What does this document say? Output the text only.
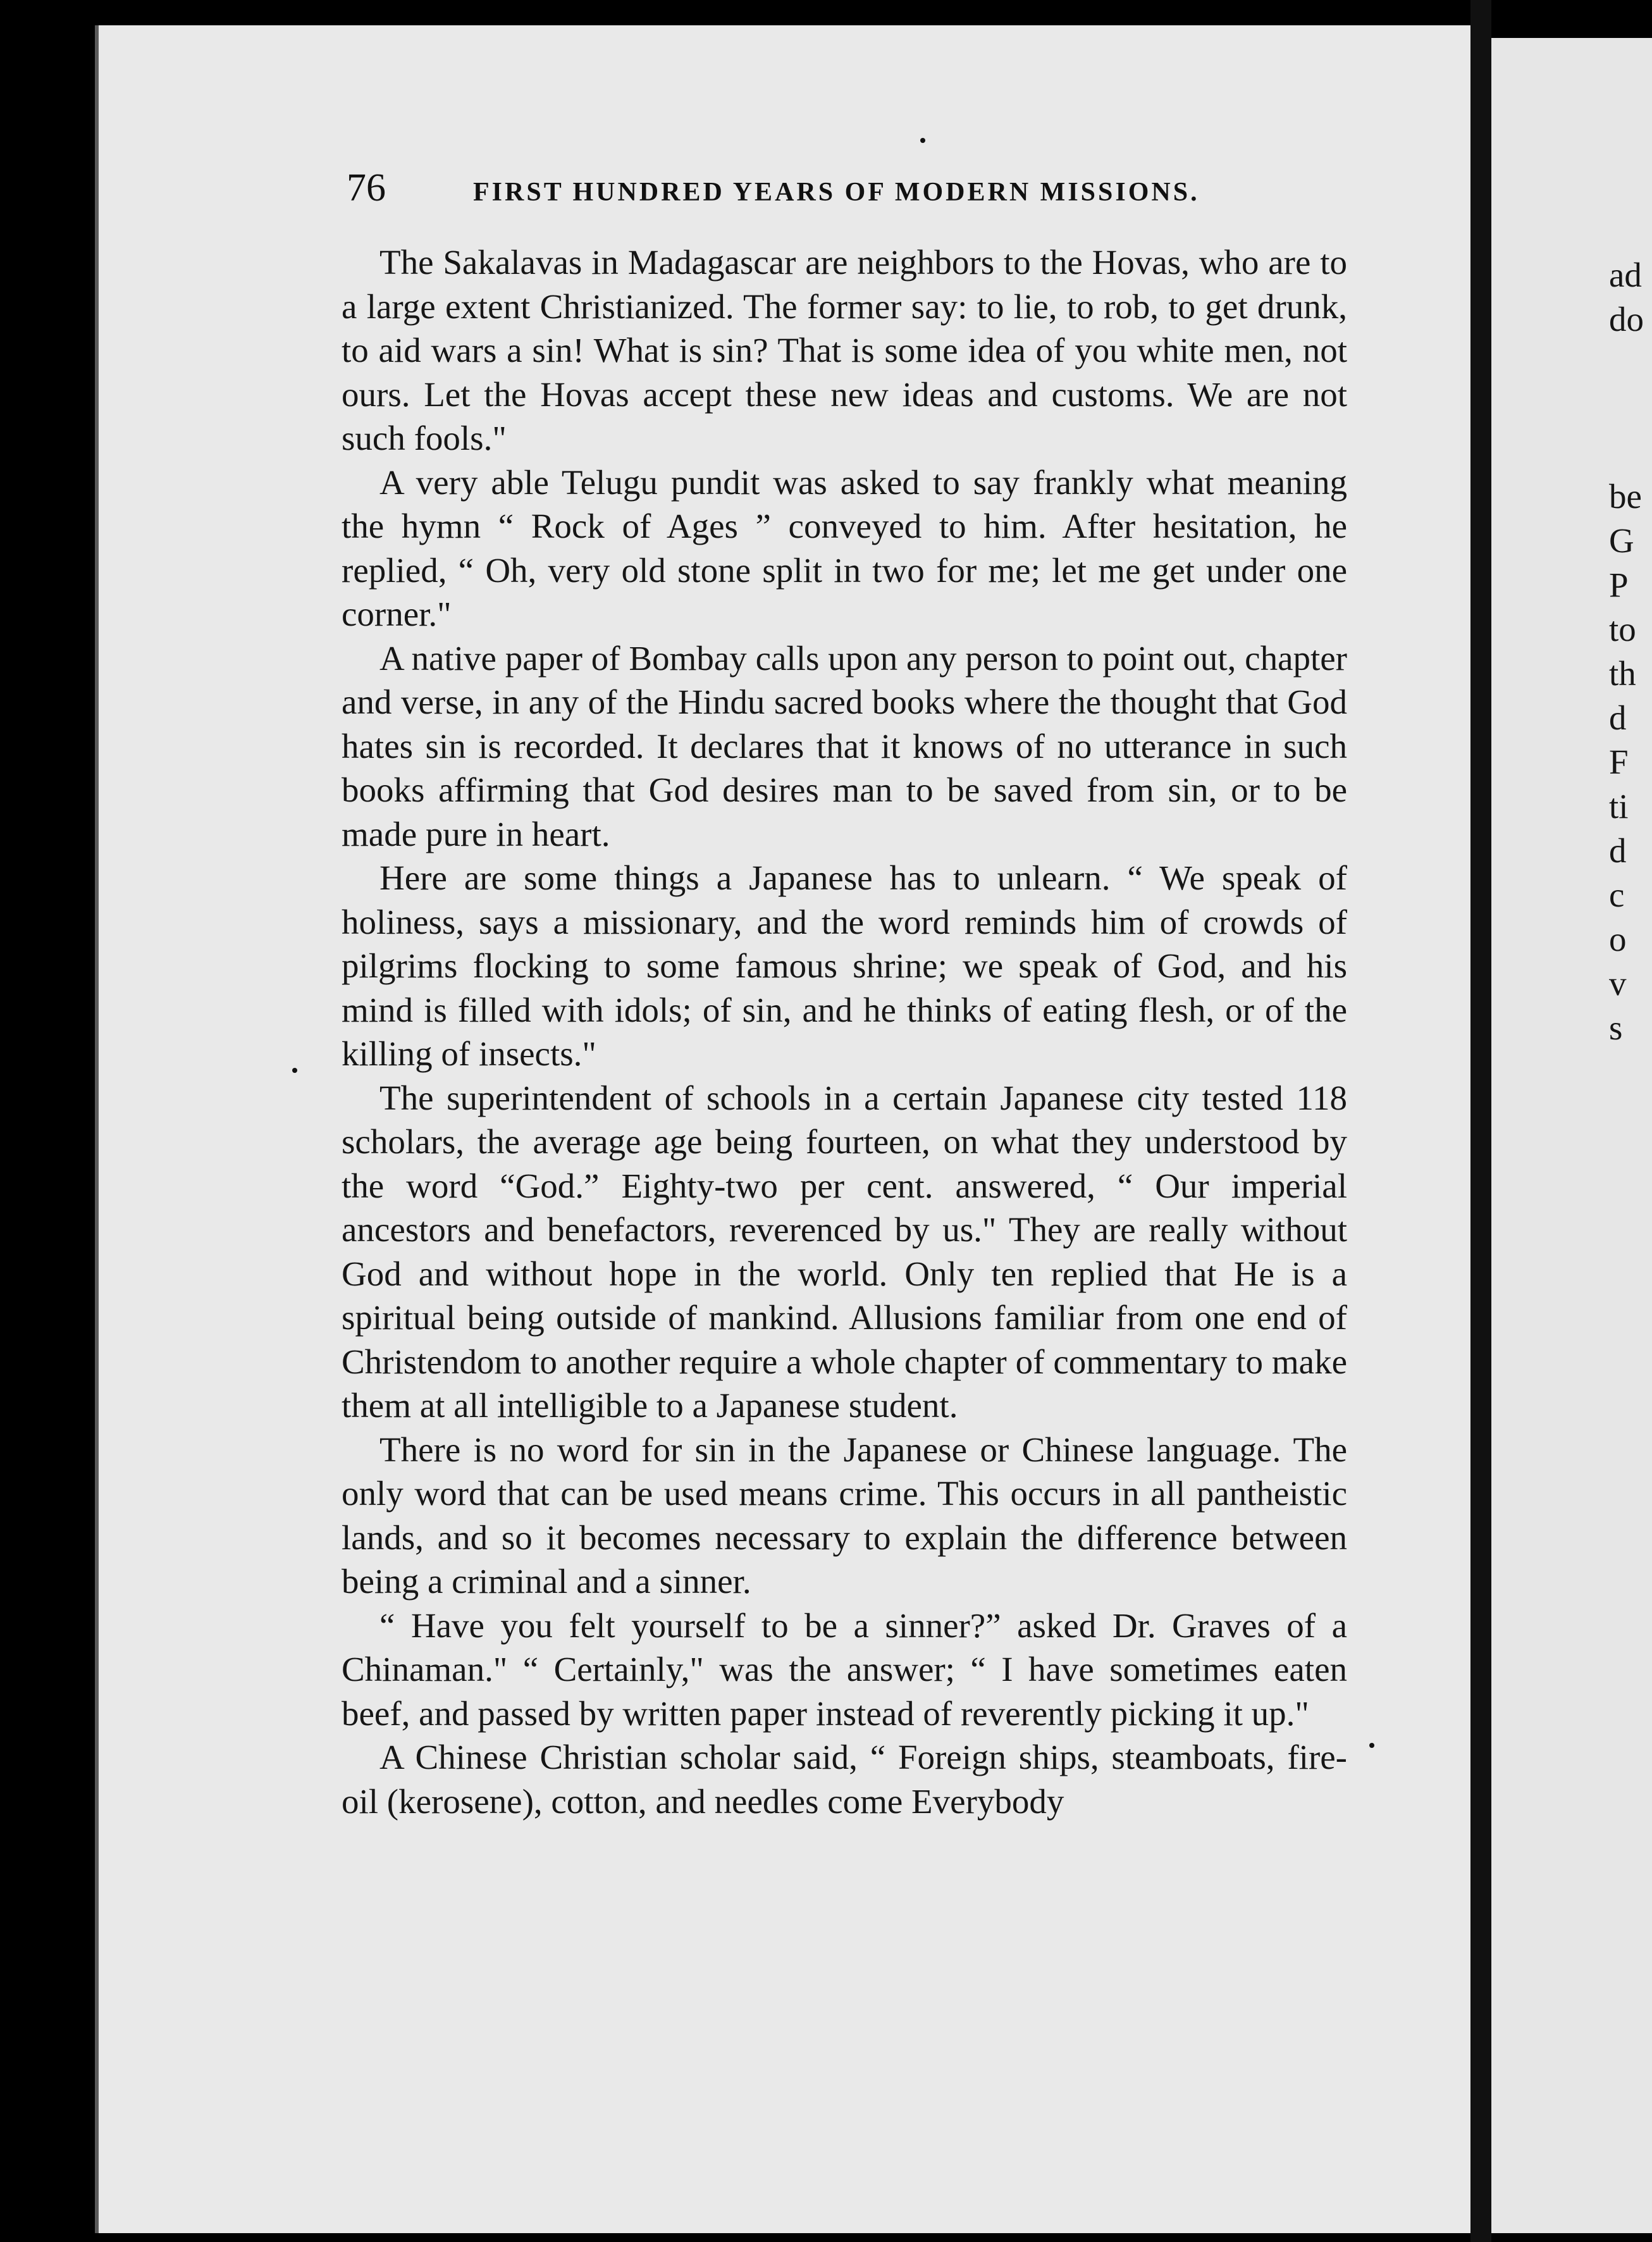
ad
do
be
G
P
to
th
d
F
ti
d
c
o
v
s
76	FIRST HUNDRED YEARS OF MODERN MISSIONS.

The Sakalavas in Madagascar are neighbors to the Hovas, who are to a large extent Christianized. The former say: to lie, to rob, to get drunk, to aid wars a sin! What is sin? That is some idea of you white men, not ours. Let the Hovas accept these new ideas and customs. We are not such fools."

A very able Telugu pundit was asked to say frankly what meaning the hymn “ Rock of Ages ” conveyed to him. After hesitation, he replied, “ Oh, very old stone split in two for me; let me get under one corner."

A native paper of Bombay calls upon any person to point out, chapter and verse, in any of the Hindu sacred books where the thought that God hates sin is recorded. It declares that it knows of no utterance in such books affirming that God desires man to be saved from sin, or to be made pure in heart.

Here are some things a Japanese has to unlearn. “ We speak of holiness, says a missionary, and the word reminds him of crowds of pilgrims flocking to some famous shrine; we speak of God, and his mind is filled with idols; of sin, and he thinks of eating flesh, or of the killing of insects."

The superintendent of schools in a certain Japanese city tested 118 scholars, the average age being fourteen, on what they understood by the word “God.” Eighty-two per cent. answered, “ Our imperial ancestors and benefactors, reverenced by us." They are really without God and without hope in the world. Only ten replied that He is a spiritual being outside of mankind. Allusions familiar from one end of Christendom to another require a whole chapter of commentary to make them at all intelligible to a Japanese student.

There is no word for sin in the Japanese or Chinese language. The only word that can be used means crime. This occurs in all pantheistic lands, and so it becomes necessary to explain the difference between being a criminal and a sinner.

“ Have you felt yourself to be a sinner?” asked Dr. Graves of a Chinaman." “ Certainly," was the answer; “ I have sometimes eaten beef, and passed by written paper instead of reverently picking it up."

A Chinese Christian scholar said, “ Foreign ships, steamboats, fire-oil (kerosene), cotton, and needles come Everybody
